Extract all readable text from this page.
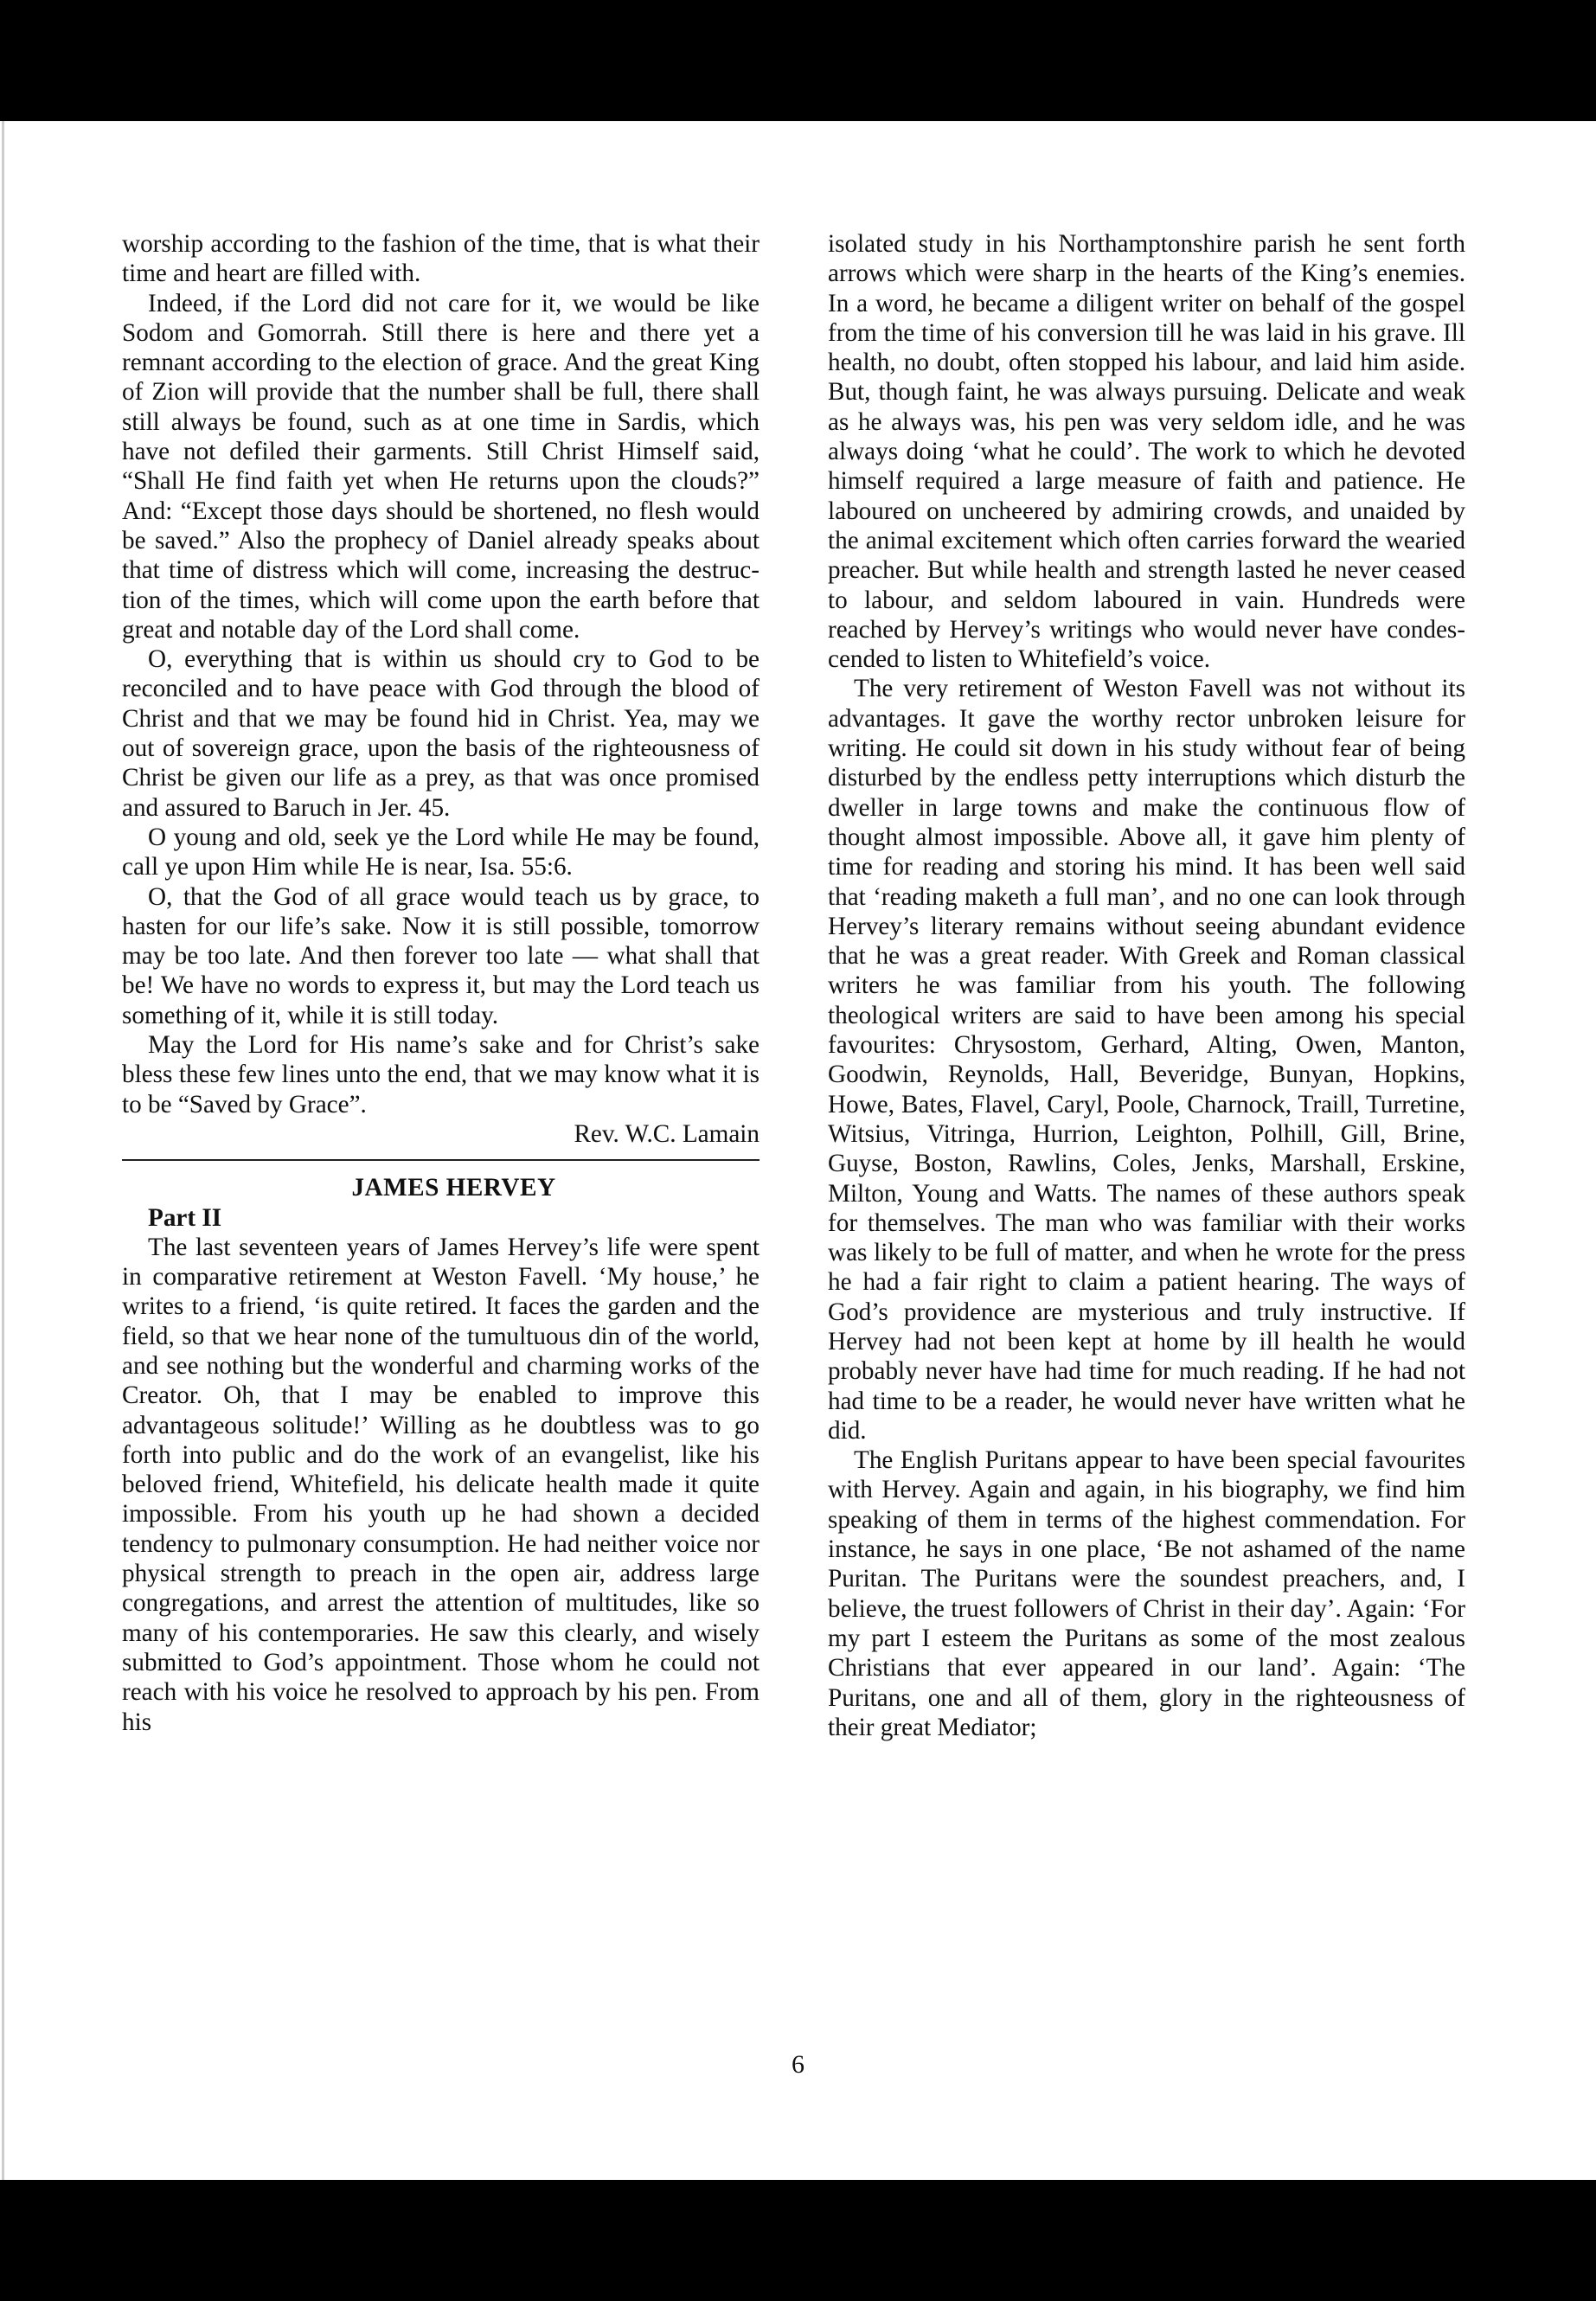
worship according to the fashion of the time, that is what their time and heart are filled with.

Indeed, if the Lord did not care for it, we would be like Sodom and Gomorrah. Still there is here and there yet a remnant according to the election of grace. And the great King of Zion will provide that the number shall be full, there shall still always be found, such as at one time in Sardis, which have not defiled their garments. Still Christ Himself said, “Shall He find faith yet when He returns upon the clouds?” And: “Except those days should be shortened, no flesh would be saved.” Also the prophecy of Daniel already speaks about that time of distress which will come, increasing the destruction of the times, which will come upon the earth before that great and notable day of the Lord shall come.

O, everything that is within us should cry to God to be reconciled and to have peace with God through the blood of Christ and that we may be found hid in Christ. Yea, may we out of sovereign grace, upon the basis of the righteousness of Christ be given our life as a prey, as that was once promised and assured to Baruch in Jer. 45.

O young and old, seek ye the Lord while He may be found, call ye upon Him while He is near, Isa. 55:6.

O, that the God of all grace would teach us by grace, to hasten for our life’s sake. Now it is still possible, tomorrow may be too late. And then forever too late — what shall that be! We have no words to express it, but may the Lord teach us something of it, while it is still today.

May the Lord for His name’s sake and for Christ’s sake bless these few lines unto the end, that we may know what it is to be “Saved by Grace”.

Rev. W.C. Lamain

JAMES HERVEY

Part II

The last seventeen years of James Hervey’s life were spent in comparative retirement at Weston Favell. ‘My house,’ he writes to a friend, ‘is quite retired. It faces the garden and the field, so that we hear none of the tumultuous din of the world, and see nothing but the wonderful and charming works of the Creator. Oh, that I may be enabled to improve this advantageous solitude!’ Willing as he doubtless was to go forth into public and do the work of an evangelist, like his beloved friend, Whitefield, his delicate health made it quite impossible. From his youth up he had shown a decided tendency to pulmonary consumption. He had neither voice nor physical strength to preach in the open air, address large congregations, and arrest the attention of multitudes, like so many of his contemporaries. He saw this clearly, and wisely submitted to God’s appointment. Those whom he could not reach with his voice he resolved to approach by his pen. From his

isolated study in his Northamptonshire parish he sent forth arrows which were sharp in the hearts of the King’s enemies. In a word, he became a diligent writer on behalf of the gospel from the time of his conversion till he was laid in his grave. Ill health, no doubt, often stopped his labour, and laid him aside. But, though faint, he was always pursuing. Delicate and weak as he always was, his pen was very seldom idle, and he was always doing ‘what he could’. The work to which he devoted himself required a large measure of faith and patience. He laboured on uncheered by admiring crowds, and unaided by the animal excitement which often carries forward the wearied preacher. But while health and strength lasted he never ceased to labour, and seldom laboured in vain. Hundreds were reached by Hervey’s writings who would never have condescended to listen to Whitefield’s voice.

The very retirement of Weston Favell was not without its advantages. It gave the worthy rector unbroken leisure for writing. He could sit down in his study without fear of being disturbed by the endless petty interruptions which disturb the dweller in large towns and make the continuous flow of thought almost impossible. Above all, it gave him plenty of time for reading and storing his mind. It has been well said that ‘reading maketh a full man’, and no one can look through Hervey’s literary remains without seeing abundant evidence that he was a great reader. With Greek and Roman classical writers he was familiar from his youth. The following theological writers are said to have been among his special favourites: Chrysostom, Gerhard, Alting, Owen, Manton, Goodwin, Reynolds, Hall, Beveridge, Bunyan, Hopkins, Howe, Bates, Flavel, Caryl, Poole, Charnock, Traill, Turretine, Witsius, Vitringa, Hurrion, Leighton, Polhill, Gill, Brine, Guyse, Boston, Rawlins, Coles, Jenks, Marshall, Erskine, Milton, Young and Watts. The names of these authors speak for themselves. The man who was familiar with their works was likely to be full of matter, and when he wrote for the press he had a fair right to claim a patient hearing. The ways of God’s providence are mysterious and truly instructive. If Hervey had not been kept at home by ill health he would probably never have had time for much reading. If he had not had time to be a reader, he would never have written what he did.

The English Puritans appear to have been special favourites with Hervey. Again and again, in his biography, we find him speaking of them in terms of the highest commendation. For instance, he says in one place, ‘Be not ashamed of the name Puritan. The Puritans were the soundest preachers, and, I believe, the truest followers of Christ in their day’. Again: ‘For my part I esteem the Puritans as some of the most zealous Christians that ever appeared in our land’. Again: ‘The Puritans, one and all of them, glory in the righteousness of their great Mediator;

6
